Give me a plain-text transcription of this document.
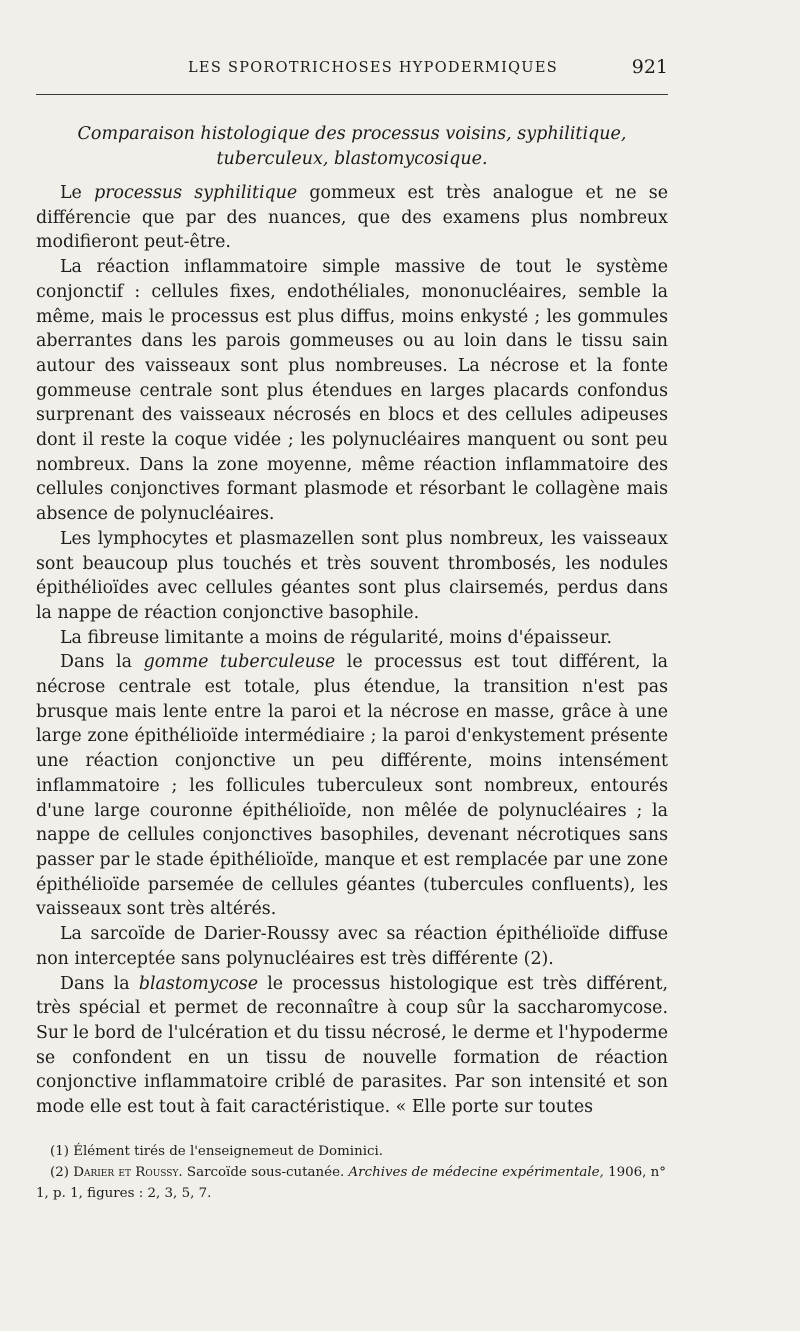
LES SPOROTRICHOSES HYPODERMIQUES	921
Comparaison histologique des processus voisins, syphilitique,
tuberculeux, blastomycosique.

Le processus syphilitique gommeux est très analogue et ne se différencie que par des nuances, que des examens plus nombreux modifieront peut-être.

La réaction inflammatoire simple massive de tout le système conjonctif : cellules fixes, endothéliales, mononucléaires, semble la même, mais le processus est plus diffus, moins enkysté ; les gommules aberrantes dans les parois gommeuses ou au loin dans le tissu sain autour des vaisseaux sont plus nombreuses. La nécrose et la fonte gommeuse centrale sont plus étendues en larges placards confondus surprenant des vaisseaux nécrosés en blocs et des cellules adipeuses dont il reste la coque vidée ; les polynucléaires manquent ou sont peu nombreux. Dans la zone moyenne, même réaction inflammatoire des cellules conjonctives formant plasmode et résorbant le collagène mais absence de polynucléaires.

Les lymphocytes et plasmazellen sont plus nombreux, les vaisseaux sont beaucoup plus touchés et très souvent thrombosés, les nodules épithélioïdes avec cellules géantes sont plus clairsemés, perdus dans la nappe de réaction conjonctive basophile.

La fibreuse limitante a moins de régularité, moins d'épaisseur.

Dans la gomme tuberculeuse le processus est tout différent, la nécrose centrale est totale, plus étendue, la transition n'est pas brusque mais lente entre la paroi et la nécrose en masse, grâce à une large zone épithélioïde intermédiaire ; la paroi d'enkystement présente une réaction conjonctive un peu différente, moins intensément inflammatoire ; les follicules tuberculeux sont nombreux, entourés d'une large couronne épithélioïde, non mêlée de polynucléaires ; la nappe de cellules conjonctives basophiles, devenant nécrotiques sans passer par le stade épithélioïde, manque et est remplacée par une zone épithélioïde parsemée de cellules géantes (tubercules confluents), les vaisseaux sont très altérés.

La sarcoïde de Darier-Roussy avec sa réaction épithélioïde diffuse non interceptée sans polynucléaires est très différente (2).

Dans la blastomycose le processus histologique est très différent, très spécial et permet de reconnaître à coup sûr la saccharomycose. Sur le bord de l'ulcération et du tissu nécrosé, le derme et l'hypoderme se confondent en un tissu de nouvelle formation de réaction conjonctive inflammatoire criblé de parasites. Par son intensité et son mode elle est tout à fait caractéristique. « Elle porte sur toutes

(1) Élément tirés de l'enseignemeut de Dominici.

(2) Darier et Roussy. Sarcoïde sous-cutanée. Archives de médecine expérimentale, 1906, n° 1, p. 1, figures : 2, 3, 5, 7.
